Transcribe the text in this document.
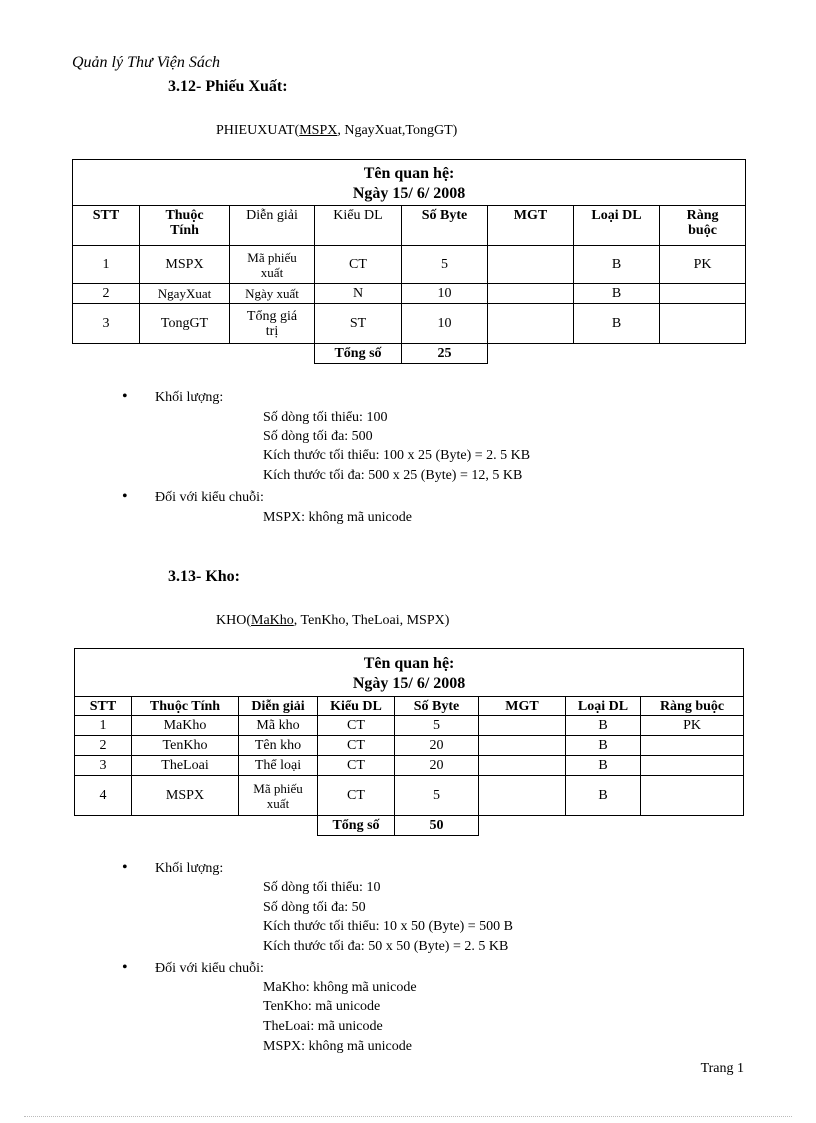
Quản lý Thư Viện Sách
3.12- Phiếu Xuất:
PHIEUXUAT(MSPX, NgayXuat,TongGT)
Tên quan hệ:
Ngày 15/ 6/ 2008							

STT	Thuộc Tính	Diễn giải	Kiểu DL	Số Byte	MGT	Loại DL	Ràng buộc
1	MSPX	Mã phiếu xuất	CT	5		B	PK
2	NgayXuat	Ngày xuất	N	10		B	
3	TongGT	Tổng giá trị	ST	10		B	
			Tổng số	25			
• Khối lượng:
Số dòng tối thiểu: 100
Số dòng tối đa: 500
Kích thước tối thiểu: 100 x 25 (Byte) = 2. 5 KB
Kích thước tối đa: 500 x 25 (Byte) = 12, 5 KB
• Đối với kiểu chuỗi:
MSPX: không mã unicode
3.13- Kho:
KHO(MaKho, TenKho, TheLoai, MSPX)
Tên quan hệ:
Ngày 15/ 6/ 2008							

STT	Thuộc Tính	Diễn giải	Kiểu DL	Số Byte	MGT	Loại DL	Ràng buộc
1	MaKho	Mã kho	CT	5		B	PK
2	TenKho	Tên kho	CT	20		B	
3	TheLoai	Thể loại	CT	20		B	
4	MSPX	Mã phiếu xuất	CT	5		B	
			Tổng số	50			
• Khối lượng:
Số dòng tối thiểu: 10
Số dòng tối đa: 50
Kích thước tối thiểu: 10 x 50 (Byte) = 500 B
Kích thước tối đa: 50 x 50 (Byte) = 2. 5 KB
• Đối với kiểu chuỗi:
MaKho: không mã unicode
TenKho: mã unicode
TheLoai: mã unicode
MSPX: không mã unicode
Trang 1
